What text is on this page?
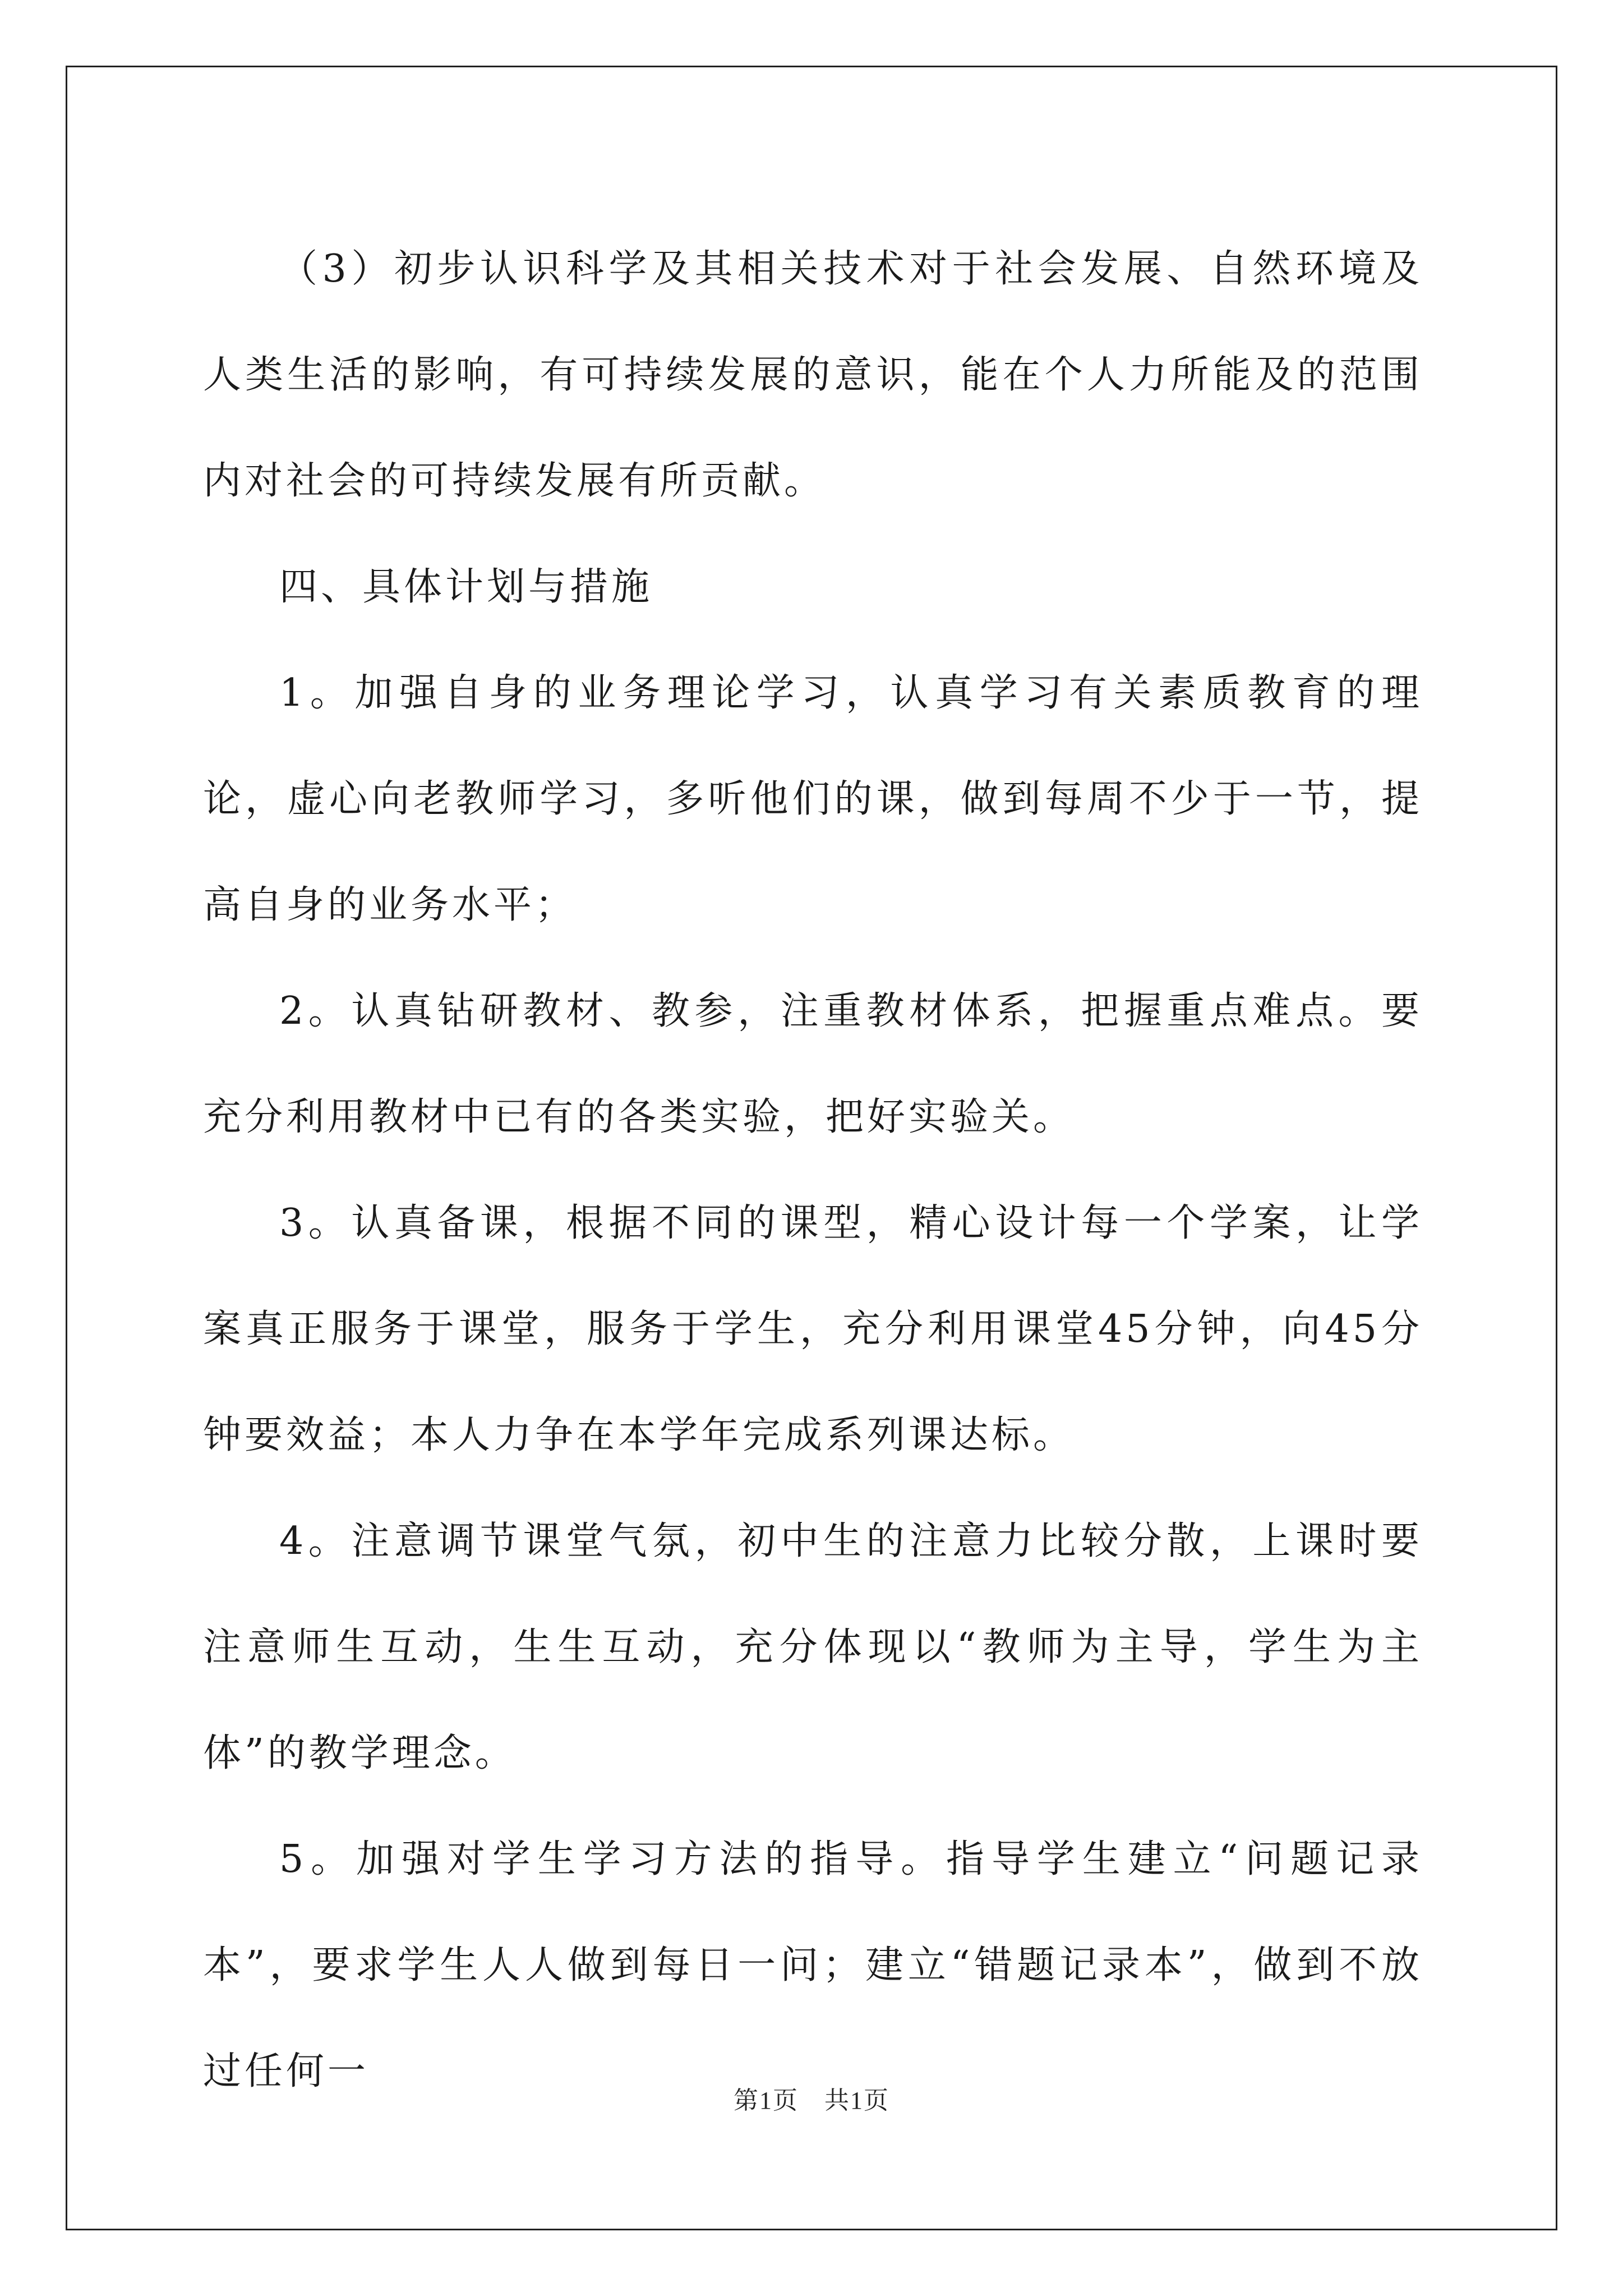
（3）初步认识科学及其相关技术对于社会发展、自然环境及人类生活的影响，有可持续发展的意识，能在个人力所能及的范围内对社会的可持续发展有所贡献。

四、具体计划与措施

1。加强自身的业务理论学习，认真学习有关素质教育的理论，虚心向老教师学习，多听他们的课，做到每周不少于一节，提高自身的业务水平；

2。认真钻研教材、教参，注重教材体系，把握重点难点。要充分利用教材中已有的各类实验，把好实验关。

3。认真备课，根据不同的课型，精心设计每一个学案，让学案真正服务于课堂，服务于学生，充分利用课堂45分钟，向45分钟要效益；本人力争在本学年完成系列课达标。

4。注意调节课堂气氛，初中生的注意力比较分散，上课时要注意师生互动，生生互动，充分体现以“教师为主导，学生为主体”的教学理念。

5。加强对学生学习方法的指导。指导学生建立“问题记录本”，要求学生人人做到每日一问；建立“错题记录本”，做到不放过任何一

第1页　共1页
